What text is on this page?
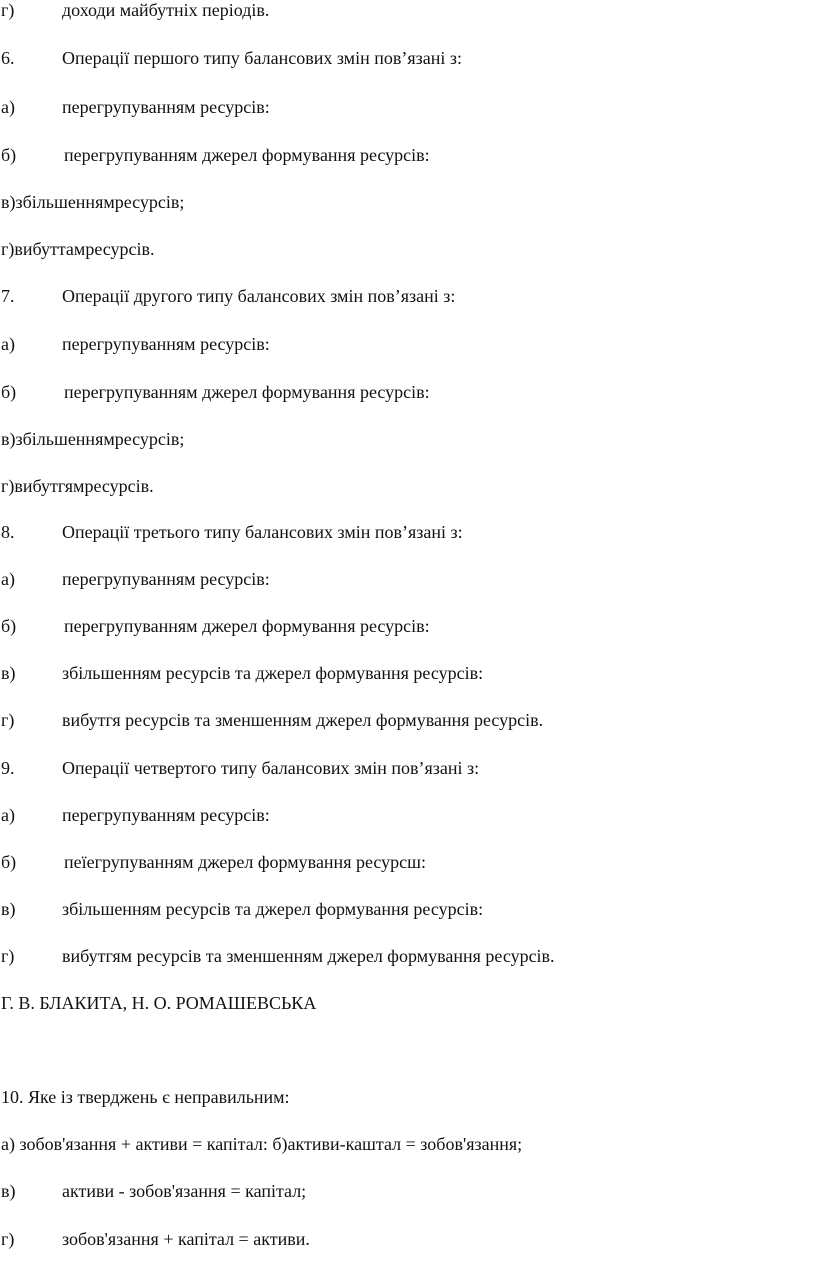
г)	доходи майбутніх періодів.
6.	Операції першого типу балансових змін пов’язані з:
а)	перегрупуванням ресурсів:
б)	перегрупуванням джерел формування ресурсів:
в)збільшеннямресурсів;
г)вибуттамресурсів.
7.	Операції другого типу балансових змін пов’язані з:
а)	перегрупуванням ресурсів:
б)	перегрупуванням джерел формування ресурсів:
в)збільшеннямресурсів;
г)вибутгямресурсів.
8.	Операції третього типу балансових змін пов’язані з:
а)	перегрупуванням ресурсів:
б)	перегрупуванням джерел формування ресурсів:
в)	збільшенням ресурсів та джерел формування ресурсів:
г)	вибутгя ресурсів та зменшенням джерел формування ресурсів.
9.	Операції четвертого типу балансових змін пов’язані з:
а)	перегрупуванням ресурсів:
б)	пеїегрупуванням джерел формування ресурсш:
в)	збільшенням ресурсів та джерел формування ресурсів:
г)	вибутгям ресурсів та зменшенням джерел формування ресурсів.
Г. В. БЛАКИТА, Н. О. РОМАШЕВСЬКА
10. Яке із тверджень є неправильним:
а) зобов'язання + активи = капітал: б)активи-каштал = зобов'язання;
в)	активи - зобов'язання = капітал;
г)	зобов'язання + капітал = активи.
